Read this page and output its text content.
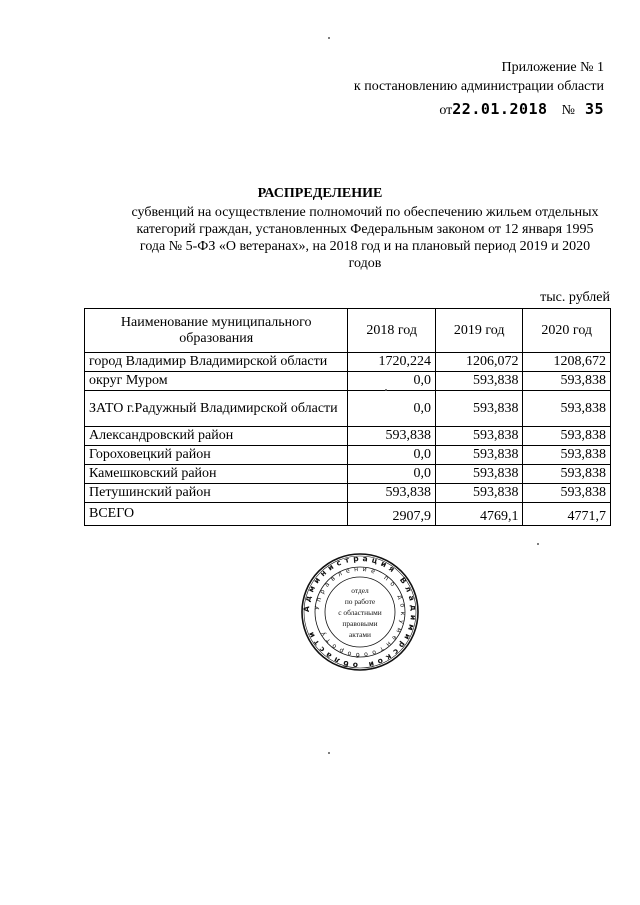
Приложение № 1
к постановлению администрации области
от22.01.2018 № 35
РАСПРЕДЕЛЕНИЕ
субвенций на осуществление полномочий по обеспечению жильем отдельных категорий граждан, установленных Федеральным законом от 12 января 1995 года № 5-ФЗ «О ветеранах», на 2018 год и на плановый период 2019 и 2020 годов
тыс. рублей
Наименование муниципального образования	2018 год	2019 год	2020 год
город Владимир Владимирской области	1720,224	1206,072	1208,672
округ Муром	0,0	593,838	593,838
ЗАТО г.Радужный Владимирской области	0,0	593,838	593,838
Александровский район	593,838	593,838	593,838
Гороховецкий район	0,0	593,838	593,838
Камешковский район	0,0	593,838	593,838
Петушинский район	593,838	593,838	593,838
ВСЕГО	2907,9	4769,1	4771,7
Администрация Владимирской области
Управление по документообороту
отдел
по работе
с областными
правовыми
актами
